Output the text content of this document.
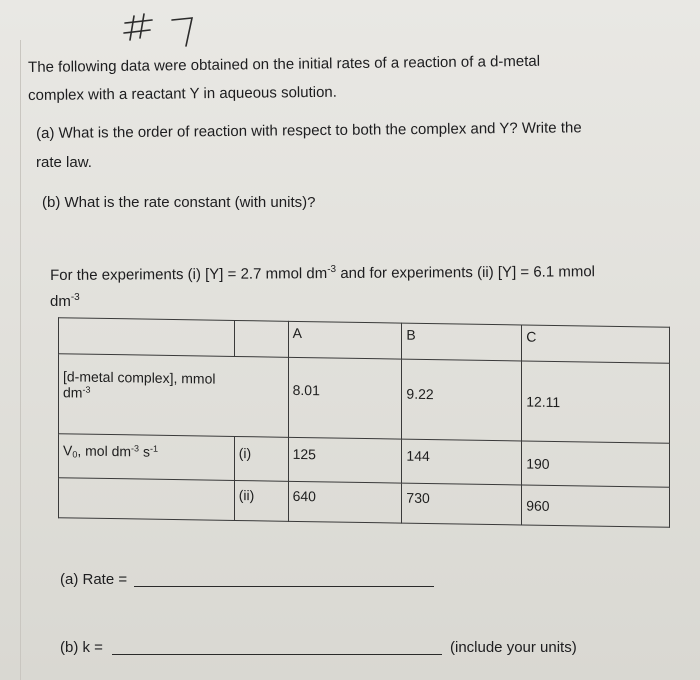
The following data were obtained on the initial rates of a reaction of a d-metal
complex with a reactant Y in aqueous solution.
(a) What is the order of reaction with respect to both the complex and Y? Write the
rate law.
(b) What is the rate constant (with units)?
For the experiments (i) [Y] = 2.7 mmol $dm^{-3}$ and for experiments (ii) [Y] = 6.1 mmol
$dm^{-3}$
		A	B	C
[d-metal complex], mmol
$dm^{-3}$		8.01	9.22	12.11
$V_0$, mol $dm^{-3}$ $s^{-1}$	(i)	125	144	190
	(ii)	640	730	960
(a) Rate =
(b) k =	(include your units)
